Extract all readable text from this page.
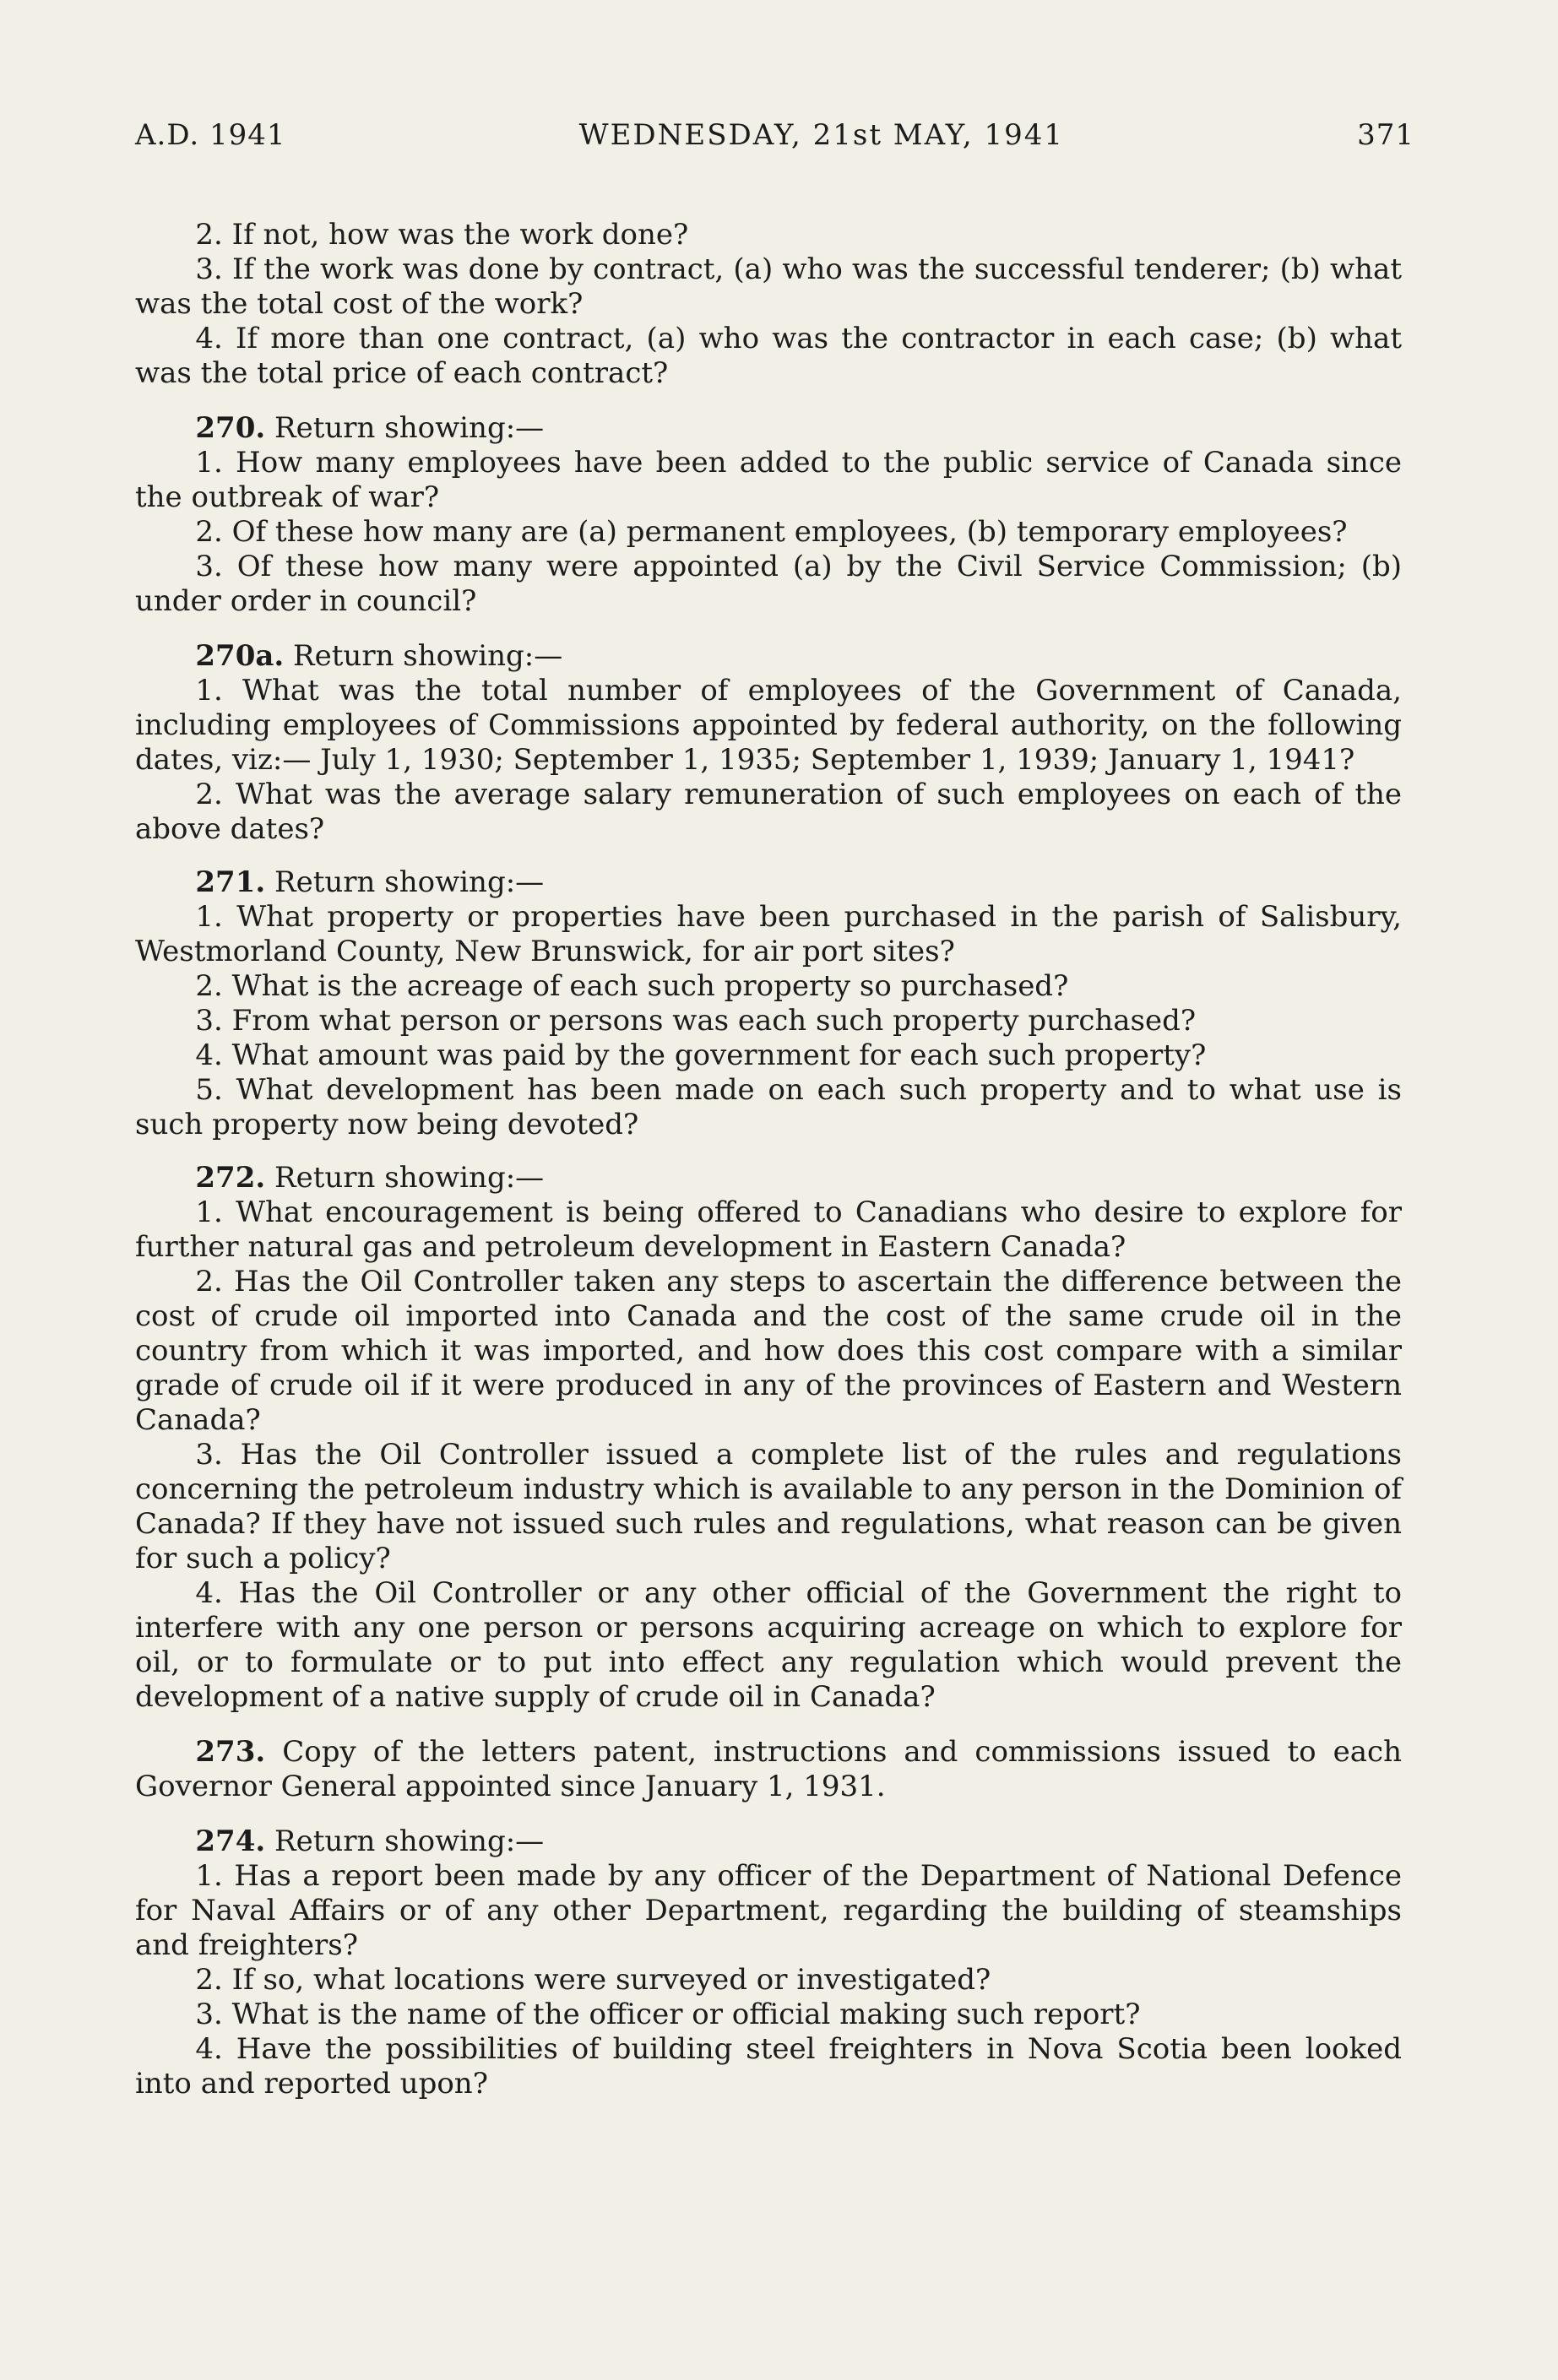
A.D. 1941	WEDNESDAY, 21st MAY, 1941	371

2. If not, how was the work done?

3. If the work was done by contract, (a) who was the successful tenderer; (b) what was the total cost of the work?

4. If more than one contract, (a) who was the contractor in each case; (b) what was the total price of each contract?

270. Return showing:—

1. How many employees have been added to the public service of Canada since the outbreak of war?

2. Of these how many are (a) permanent employees, (b) temporary employees?

3. Of these how many were appointed (a) by the Civil Service Commission; (b) under order in council?

270a. Return showing:—

1. What was the total number of employees of the Government of Canada, including employees of Commissions appointed by federal authority, on the following dates, viz:— July 1, 1930; September 1, 1935; September 1, 1939; January 1, 1941?

2. What was the average salary remuneration of such employees on each of the above dates?

271. Return showing:—

1. What property or properties have been purchased in the parish of Salisbury, Westmorland County, New Brunswick, for air port sites?

2. What is the acreage of each such property so purchased?

3. From what person or persons was each such property purchased?

4. What amount was paid by the government for each such property?

5. What development has been made on each such property and to what use is such property now being devoted?

272. Return showing:—

1. What encouragement is being offered to Canadians who desire to explore for further natural gas and petroleum development in Eastern Canada?

2. Has the Oil Controller taken any steps to ascertain the difference between the cost of crude oil imported into Canada and the cost of the same crude oil in the country from which it was imported, and how does this cost compare with a similar grade of crude oil if it were produced in any of the provinces of Eastern and Western Canada?

3. Has the Oil Controller issued a complete list of the rules and regulations concerning the petroleum industry which is available to any person in the Dominion of Canada? If they have not issued such rules and regulations, what reason can be given for such a policy?

4. Has the Oil Controller or any other official of the Government the right to interfere with any one person or persons acquiring acreage on which to explore for oil, or to formulate or to put into effect any regulation which would prevent the development of a native supply of crude oil in Canada?

273. Copy of the letters patent, instructions and commissions issued to each Governor General appointed since January 1, 1931.

274. Return showing:—

1. Has a report been made by any officer of the Department of National Defence for Naval Affairs or of any other Department, regarding the building of steamships and freighters?

2. If so, what locations were surveyed or investigated?

3. What is the name of the officer or official making such report?

4. Have the possibilities of building steel freighters in Nova Scotia been looked into and reported upon?
